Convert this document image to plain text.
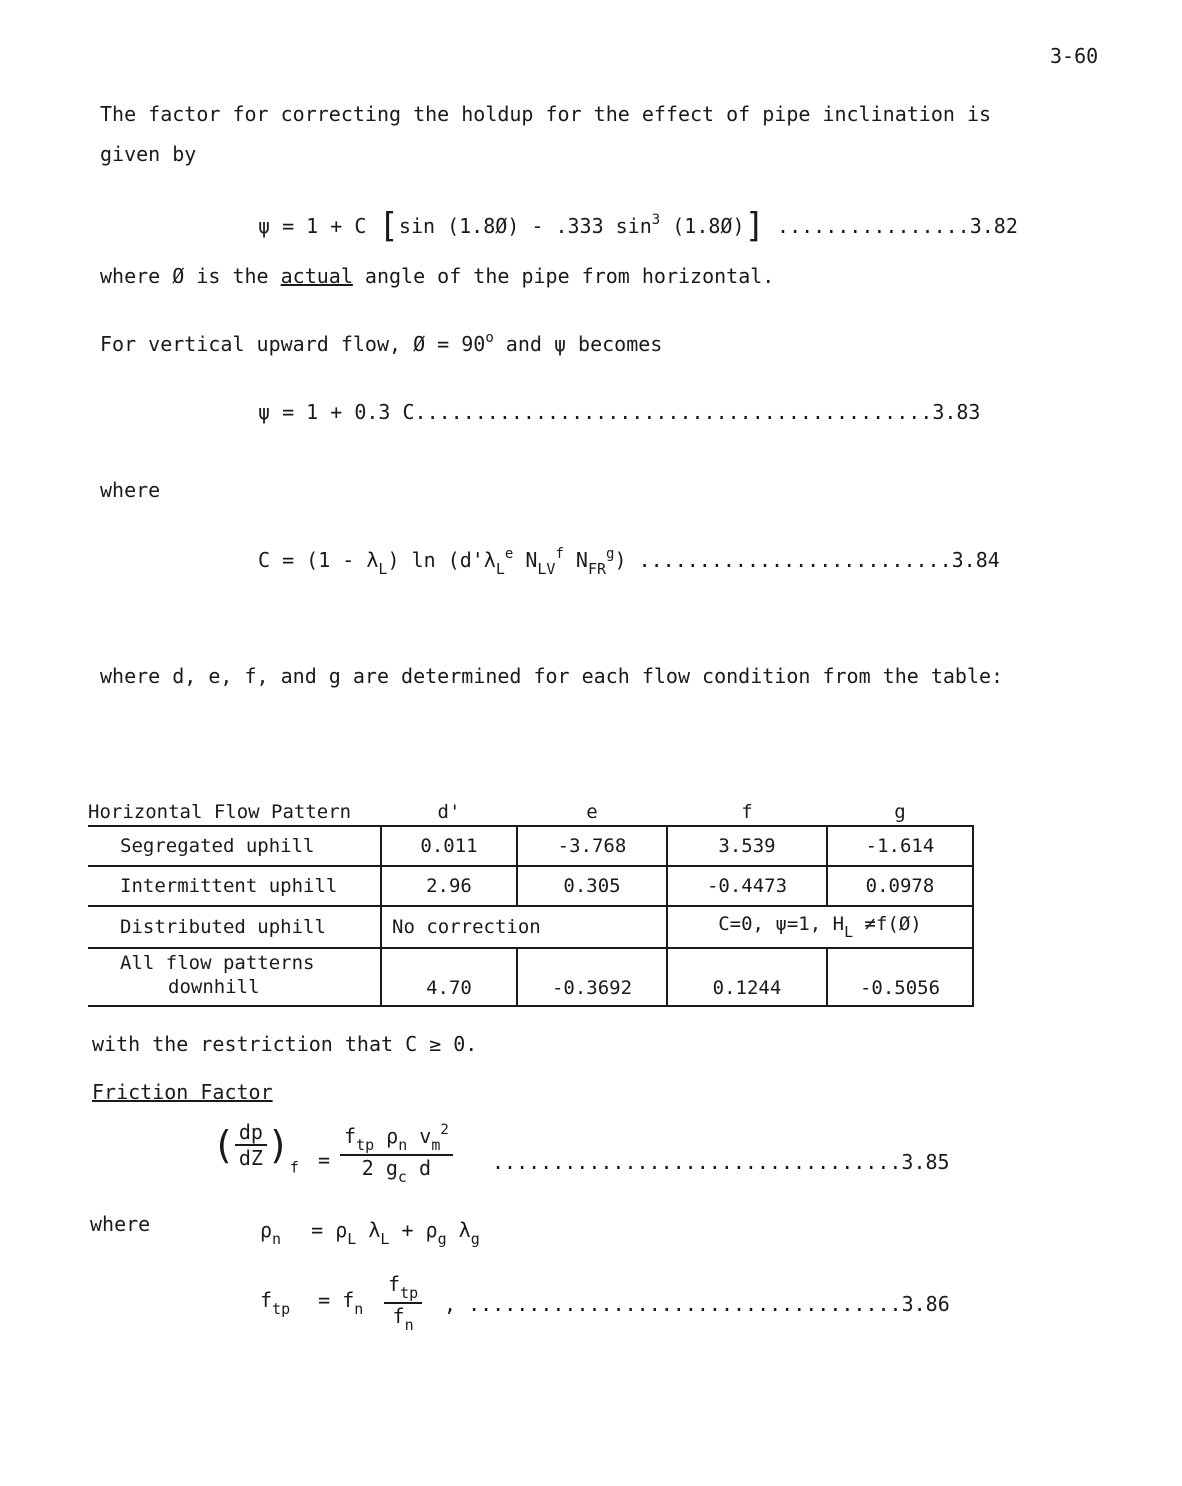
3-60
The factor for correcting the holdup for the effect of pipe inclination is
given by
ψ = 1 + C [sin (1.8Ø) - .333 $\sin^3$ (1.8Ø)] ................3.82
where Ø is the actual angle of the pipe from horizontal.
For vertical upward flow, Ø = $90^o$ and ψ becomes
ψ = 1 + 0.3 C...........................................3.83
where
$C = (1 - \lambda_L)$ $\ln (d'\lambda_L^e$ $N_{LV}^f$ $N_{FR}^g$) ..........................3.84
where d, e, f, and g are determined for each flow condition from the table:
Horizontal Flow Pattern	d'	e	f	g
Segregated uphill	0.011	-3.768	3.539	-1.614
Intermittent uphill	2.96	0.305	-0.4473	0.0978
Distributed uphill	No correction		C=0, ψ=1, $H_L$ ≠f(Ø)	
All flow patterns
downhill	4.70	-0.3692	0.1244	-0.5056
with the restriction that C ≥ 0.
Friction Factor
( $\frac{dp}{dZ} )_f = \frac{f_{tp} \rho_n v_m^2}{2 g_c d} ..................................3.85$
where	$\rho_n = \rho_L$ $\lambda_L + \rho_g$ $\lambda_g$
$f_{tp} = f_n \frac{f_{tp}}{f_n}$ , ....................................3.86
